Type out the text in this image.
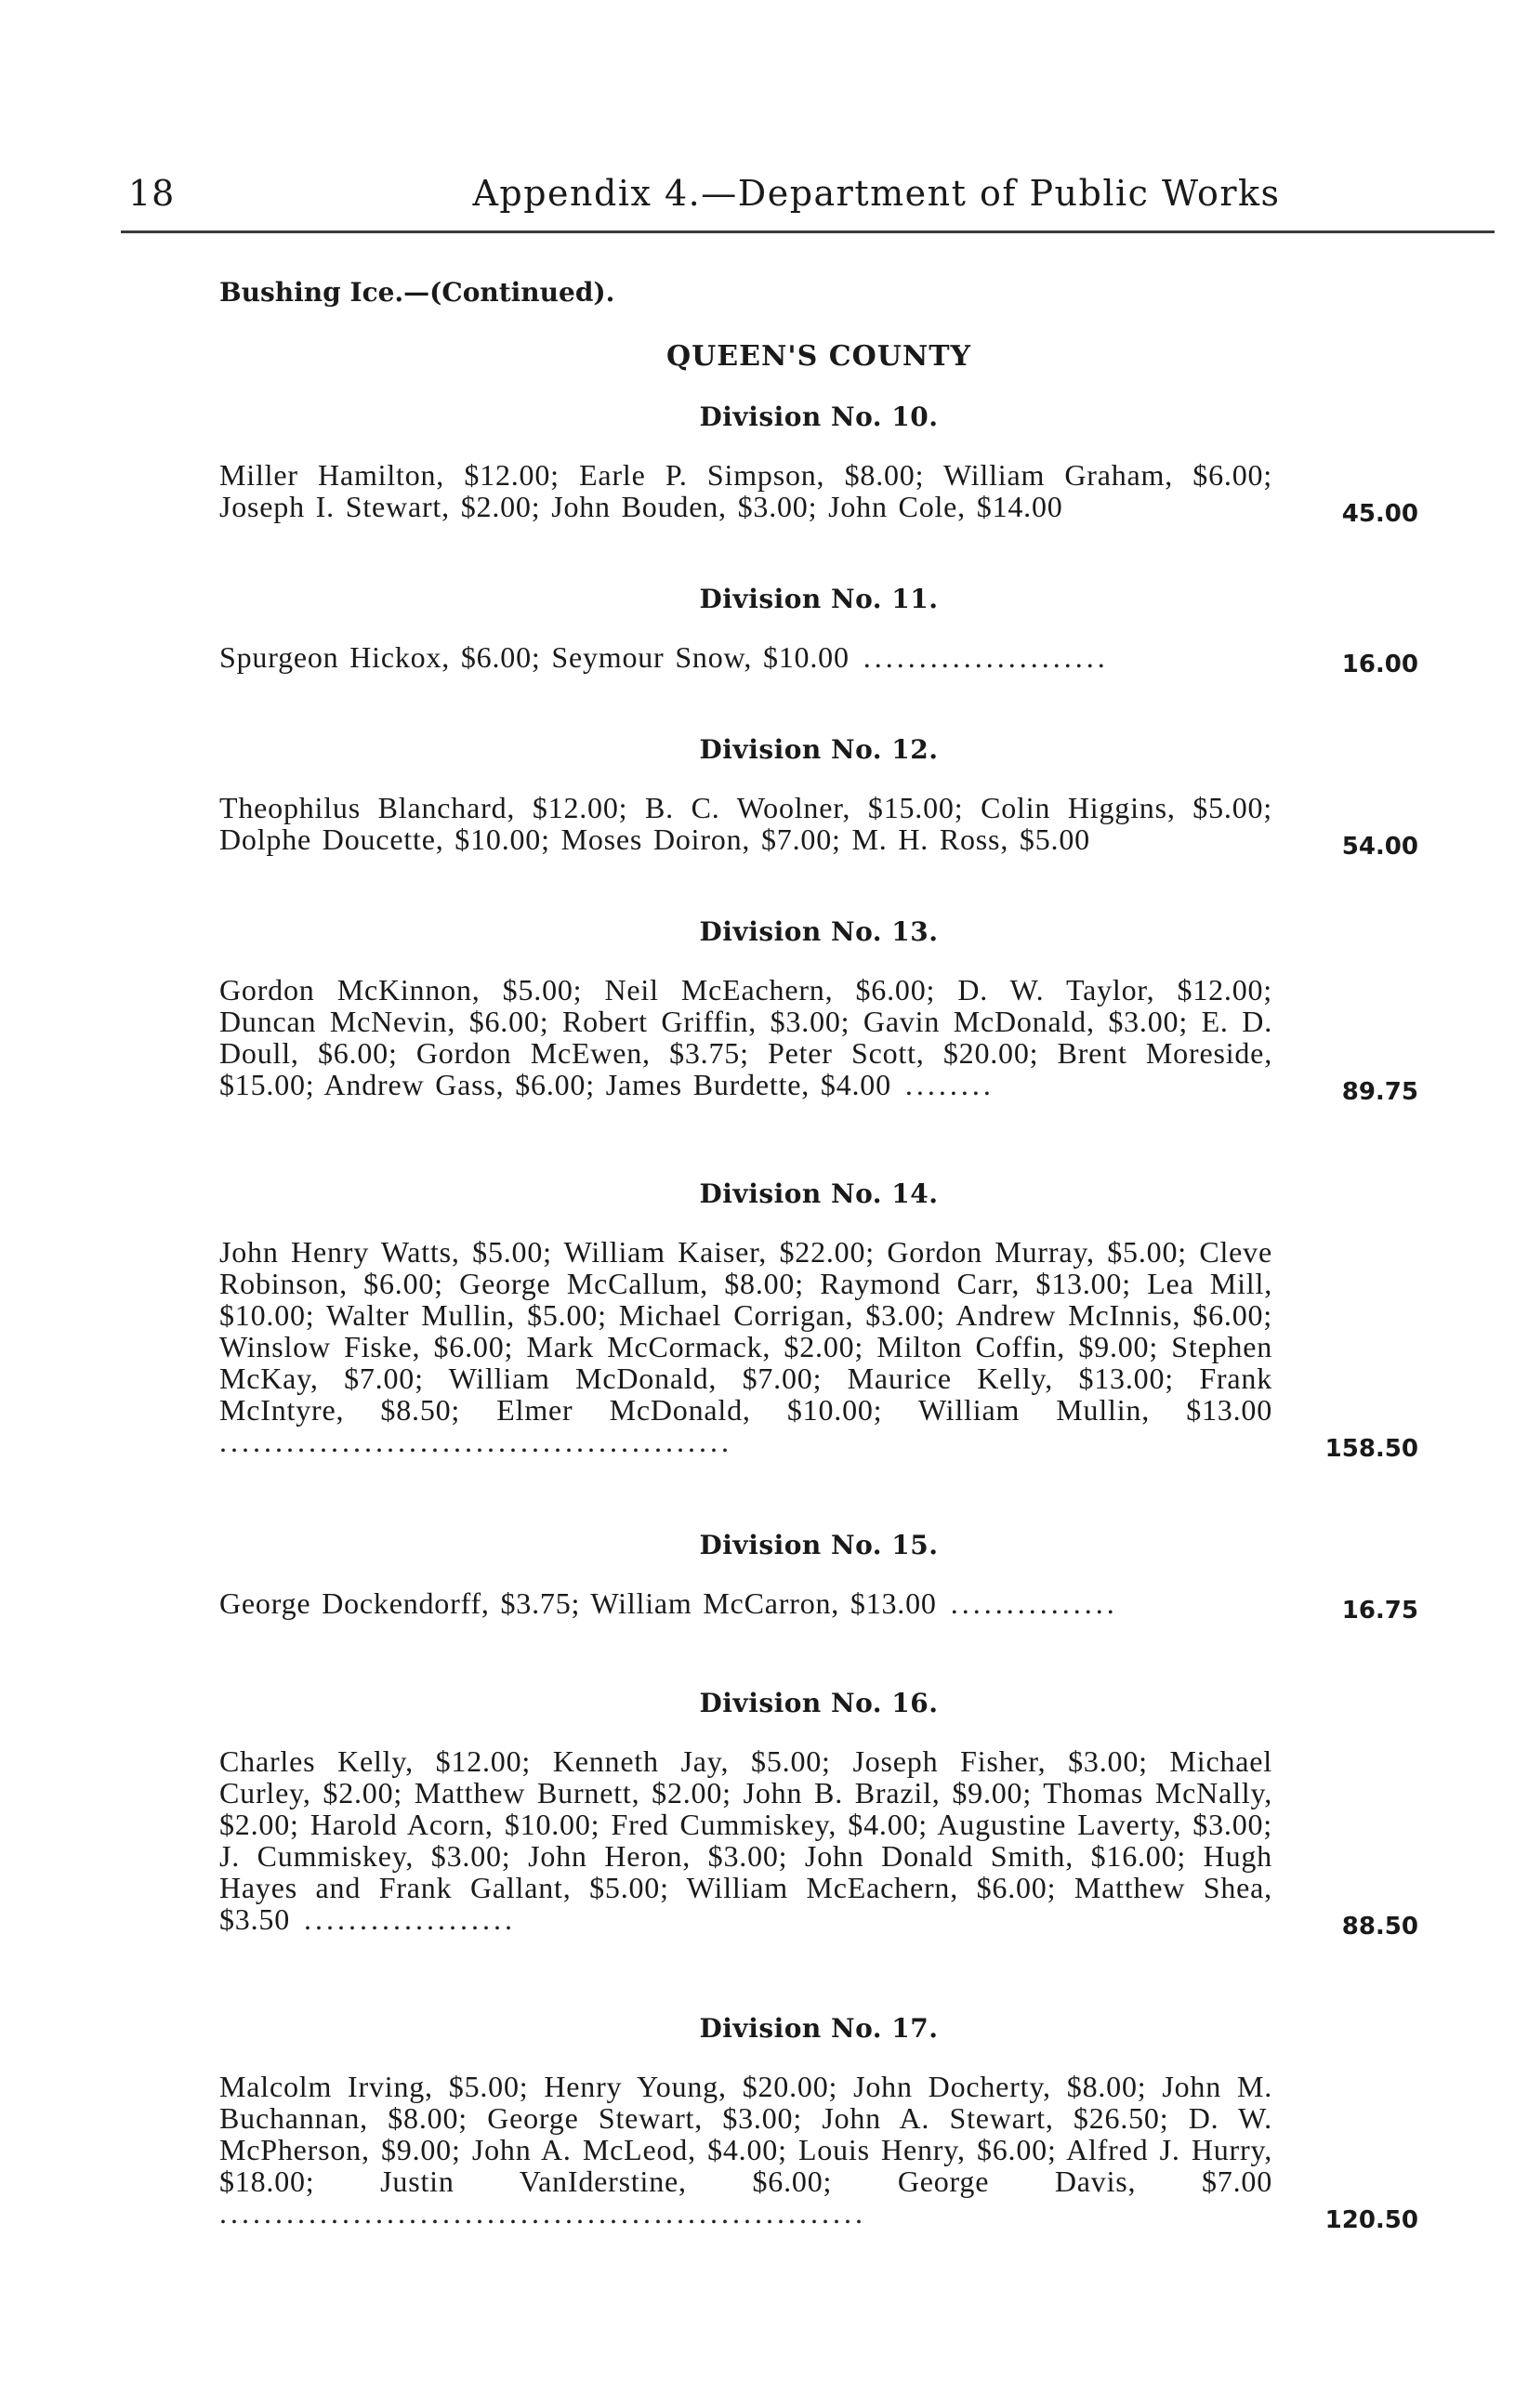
18	Appendix 4.—Department of Public Works
Bushing Ice.—(Continued).
QUEEN'S COUNTY
Division No. 10.
Miller Hamilton, $12.00; Earle P. Simpson, $8.00; William Graham, $6.00; Joseph I. Stewart, $2.00; John Bouden, $3.00; John Cole, $14.00	45.00
Division No. 11.
Spurgeon Hickox, $6.00; Seymour Snow, $10.00 ......................	16.00
Division No. 12.
Theophilus Blanchard, $12.00; B. C. Woolner, $15.00; Colin Higgins, $5.00; Dolphe Doucette, $10.00; Moses Doiron, $7.00; M. H. Ross, $5.00	54.00
Division No. 13.
Gordon McKinnon, $5.00; Neil McEachern, $6.00; D. W. Taylor, $12.00; Duncan McNevin, $6.00; Robert Griffin, $3.00; Gavin McDonald, $3.00; E. D. Doull, $6.00; Gordon McEwen, $3.75; Peter Scott, $20.00; Brent Moreside, $15.00; Andrew Gass, $6.00; James Burdette, $4.00 ........	89.75
Division No. 14.
John Henry Watts, $5.00; William Kaiser, $22.00; Gordon Murray, $5.00; Cleve Robinson, $6.00; George McCallum, $8.00; Raymond Carr, $13.00; Lea Mill, $10.00; Walter Mullin, $5.00; Michael Corrigan, $3.00; Andrew McInnis, $6.00; Winslow Fiske, $6.00; Mark McCormack, $2.00; Milton Coffin, $9.00; Stephen McKay, $7.00; William McDonald, $7.00; Maurice Kelly, $13.00; Frank McIntyre, $8.50; Elmer McDonald, $10.00; William Mullin, $13.00 ..............................................	158.50
Division No. 15.
George Dockendorff, $3.75; William McCarron, $13.00 ...............	16.75
Division No. 16.
Charles Kelly, $12.00; Kenneth Jay, $5.00; Joseph Fisher, $3.00; Michael Curley, $2.00; Matthew Burnett, $2.00; John B. Brazil, $9.00; Thomas McNally, $2.00; Harold Acorn, $10.00; Fred Cummiskey, $4.00; Augustine Laverty, $3.00; J. Cummiskey, $3.00; John Heron, $3.00; John Donald Smith, $16.00; Hugh Hayes and Frank Gallant, $5.00; William McEachern, $6.00; Matthew Shea, $3.50 ...................	88.50
Division No. 17.
Malcolm Irving, $5.00; Henry Young, $20.00; John Docherty, $8.00; John M. Buchannan, $8.00; George Stewart, $3.00; John A. Stewart, $26.50; D. W. McPherson, $9.00; John A. McLeod, $4.00; Louis Henry, $6.00; Alfred J. Hurry, $18.00; Justin VanIderstine, $6.00; George Davis, $7.00 ..........................................................	120.50
